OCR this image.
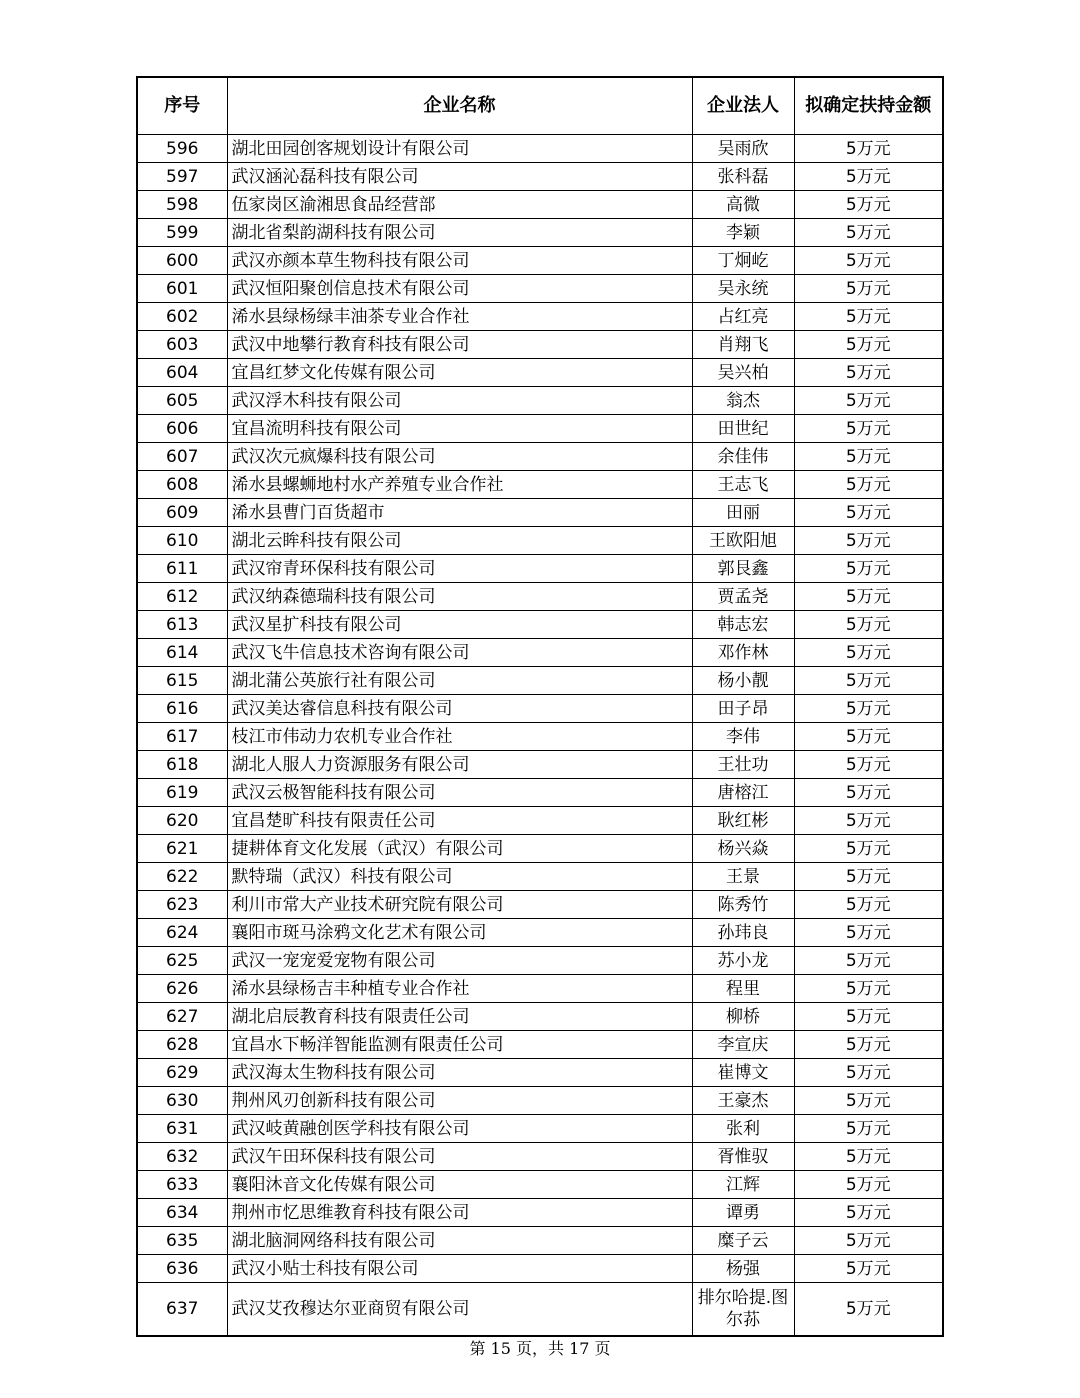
序号	企业名称	企业法人	拟确定扶持金额
596	湖北田园创客规划设计有限公司	吴雨欣	5万元
597	武汉涵沁磊科技有限公司	张科磊	5万元
598	伍家岗区渝湘思食品经营部	高微	5万元
599	湖北省梨韵湖科技有限公司	李颖	5万元
600	武汉亦颜本草生物科技有限公司	丁炯屹	5万元
601	武汉恒阳聚创信息技术有限公司	吴永统	5万元
602	浠水县绿杨绿丰油茶专业合作社	占红亮	5万元
603	武汉中地攀行教育科技有限公司	肖翔飞	5万元
604	宜昌红梦文化传媒有限公司	吴兴柏	5万元
605	武汉浮木科技有限公司	翁杰	5万元
606	宜昌流明科技有限公司	田世纪	5万元
607	武汉次元疯爆科技有限公司	余佳伟	5万元
608	浠水县螺蛳地村水产养殖专业合作社	王志飞	5万元
609	浠水县曹门百货超市	田丽	5万元
610	湖北云眸科技有限公司	王欧阳旭	5万元
611	武汉帘青环保科技有限公司	郭艮鑫	5万元
612	武汉纳森德瑞科技有限公司	贾孟尧	5万元
613	武汉星扩科技有限公司	韩志宏	5万元
614	武汉飞牛信息技术咨询有限公司	邓作林	5万元
615	湖北蒲公英旅行社有限公司	杨小靓	5万元
616	武汉美达睿信息科技有限公司	田子昂	5万元
617	枝江市伟动力农机专业合作社	李伟	5万元
618	湖北人服人力资源服务有限公司	王壮功	5万元
619	武汉云极智能科技有限公司	唐榕江	5万元
620	宜昌楚旷科技有限责任公司	耿红彬	5万元
621	捷耕体育文化发展（武汉）有限公司	杨兴焱	5万元
622	默特瑞（武汉）科技有限公司	王景	5万元
623	利川市常大产业技术研究院有限公司	陈秀竹	5万元
624	襄阳市斑马涂鸦文化艺术有限公司	孙玮良	5万元
625	武汉一宠宠爱宠物有限公司	苏小龙	5万元
626	浠水县绿杨吉丰种植专业合作社	程里	5万元
627	湖北启辰教育科技有限责任公司	柳桥	5万元
628	宜昌水下畅洋智能监测有限责任公司	李宣庆	5万元
629	武汉海太生物科技有限公司	崔博文	5万元
630	荆州风刃创新科技有限公司	王豪杰	5万元
631	武汉岐黄融创医学科技有限公司	张利	5万元
632	武汉午田环保科技有限公司	胥惟驭	5万元
633	襄阳沐音文化传媒有限公司	江辉	5万元
634	荆州市忆思维教育科技有限公司	谭勇	5万元
635	湖北脑洞网络科技有限公司	糜子云	5万元
636	武汉小贴士科技有限公司	杨强	5万元
637	武汉艾孜穆达尔亚商贸有限公司	排尔哈提.图尔荪	5万元
第 15 页，共 17 页
